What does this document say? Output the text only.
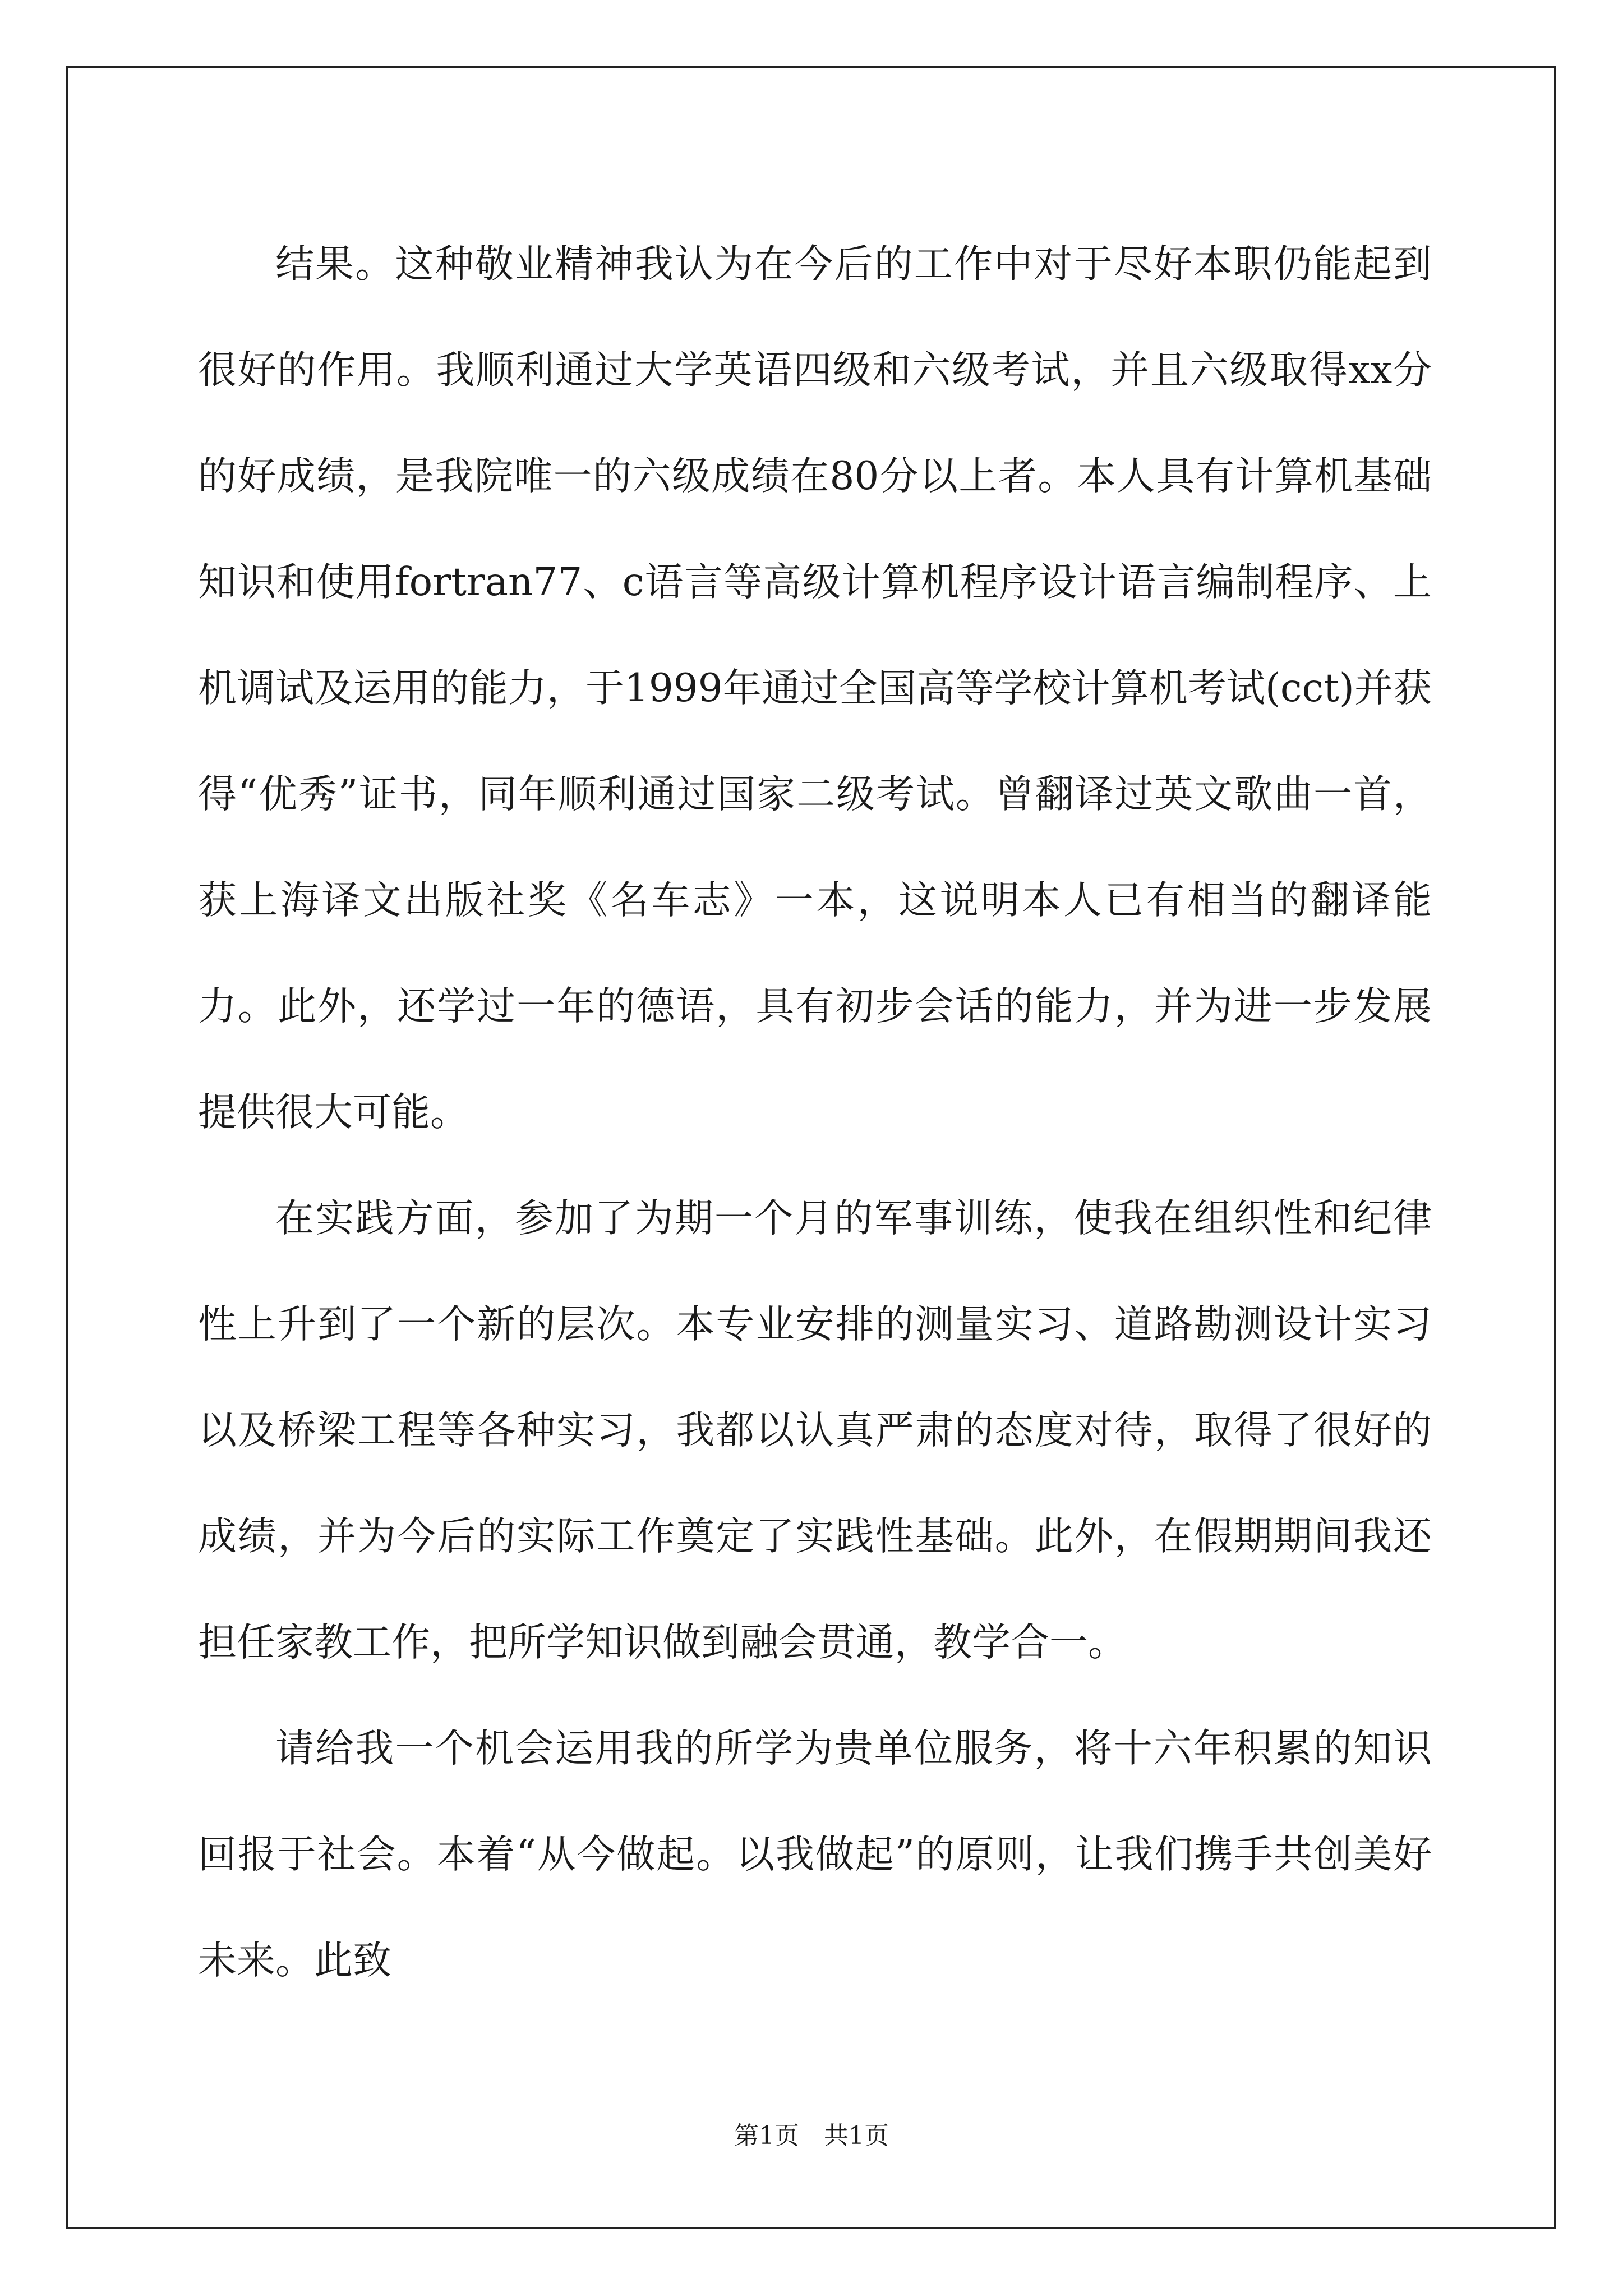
结果。这种敬业精神我认为在今后的工作中对于尽好本职仍能起到很好的作用。我顺利通过大学英语四级和六级考试，并且六级取得xx分的好成绩，是我院唯一的六级成绩在80分以上者。本人具有计算机基础知识和使用fortran77、c语言等高级计算机程序设计语言编制程序、上机调试及运用的能力，于1999年通过全国高等学校计算机考试(cct)并获得“优秀”证书，同年顺利通过国家二级考试。曾翻译过英文歌曲一首，获上海译文出版社奖《名车志》一本，这说明本人已有相当的翻译能力。此外，还学过一年的德语，具有初步会话的能力，并为进一步发展提供很大可能。

在实践方面，参加了为期一个月的军事训练，使我在组织性和纪律性上升到了一个新的层次。本专业安排的测量实习、道路勘测设计实习以及桥梁工程等各种实习，我都以认真严肃的态度对待，取得了很好的成绩，并为今后的实际工作奠定了实践性基础。此外，在假期期间我还担任家教工作，把所学知识做到融会贯通，教学合一。

请给我一个机会运用我的所学为贵单位服务，将十六年积累的知识回报于社会。本着“从今做起。以我做起”的原则，让我们携手共创美好未来。此致

第1页　共1页
